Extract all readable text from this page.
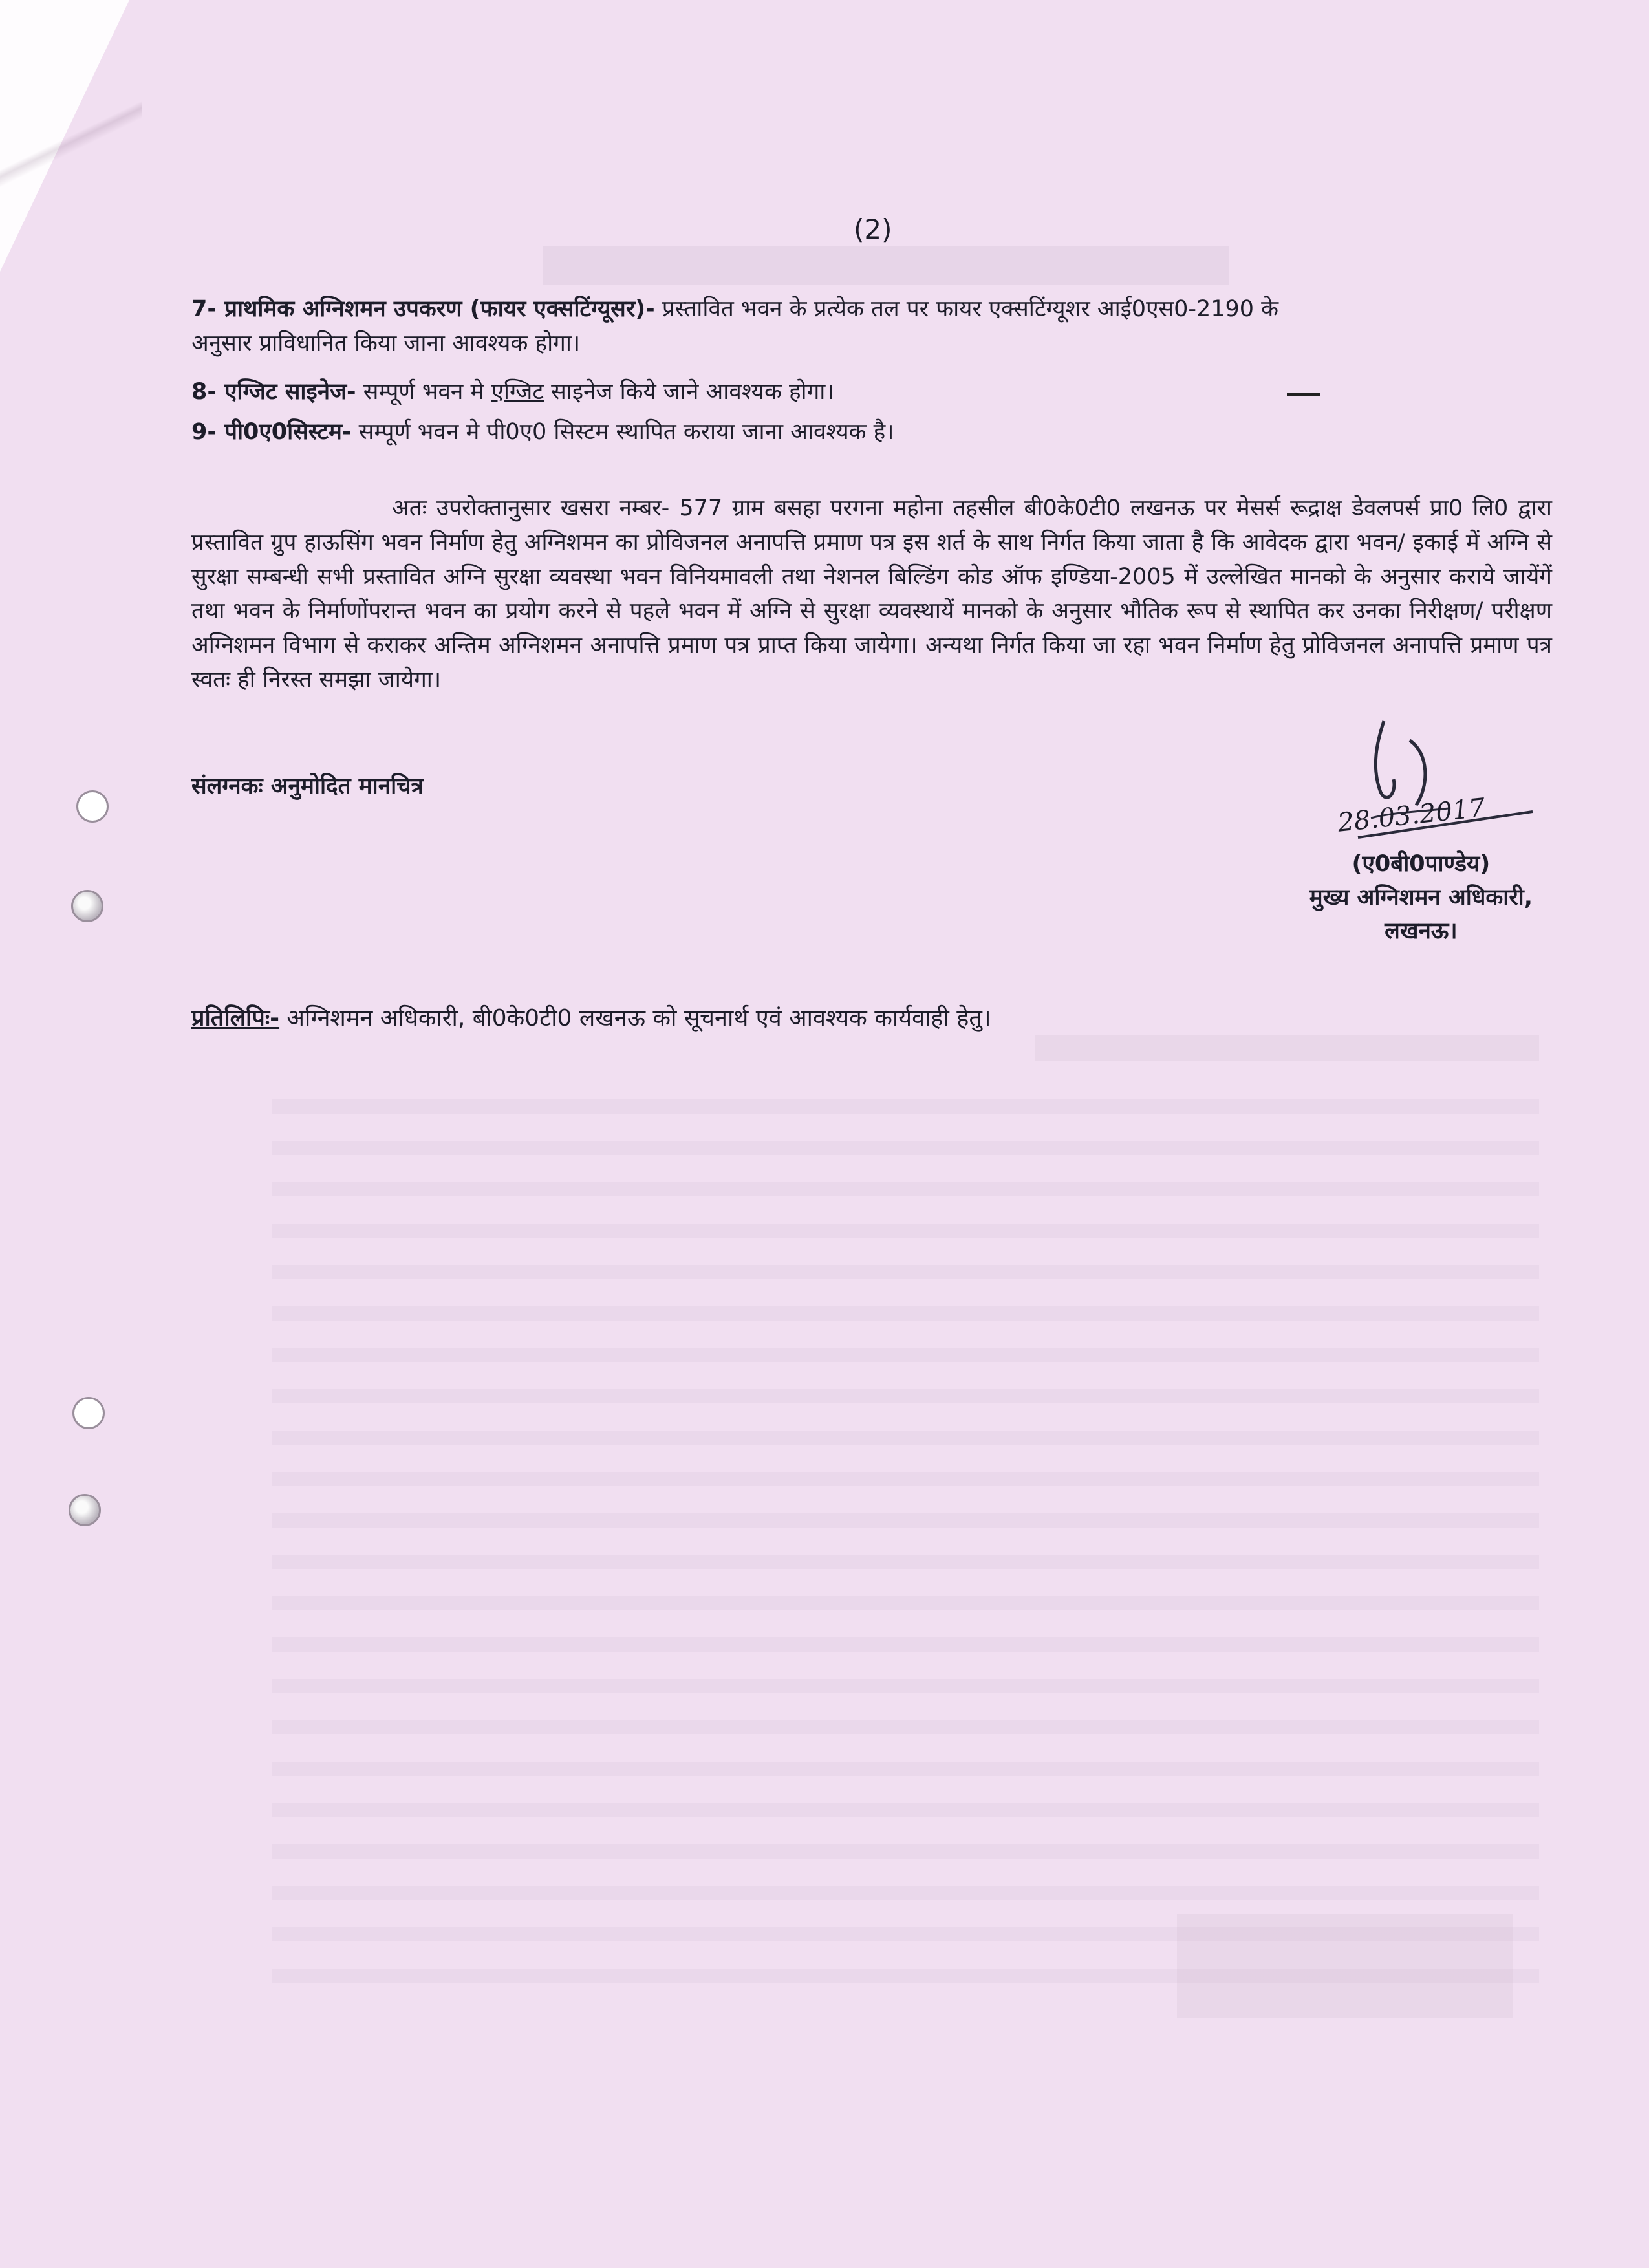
(2)
7- प्राथमिक अग्निशमन उपकरण (फायर एक्सटिंग्यूसर)- प्रस्तावित भवन के प्रत्येक तल पर फायर एक्सटिंग्यूशर आई0एस0-2190 के
अनुसार प्राविधानित किया जाना आवश्यक होगा।
8- एग्जिट साइनेज- सम्पूर्ण भवन मे एग्जिट साइनेज किये जाने आवश्यक होगा।
9- पी0ए0सिस्टम- सम्पूर्ण भवन मे पी0ए0 सिस्टम स्थापित कराया जाना आवश्यक है।
अतः उपरोक्तानुसार खसरा नम्बर- 577 ग्राम बसहा परगना महोना तहसील बी0के0टी0 लखनऊ पर मेसर्स रूद्राक्ष डेवलपर्स प्रा0 लि0 द्वारा प्रस्तावित ग्रुप हाऊसिंग भवन निर्माण हेतु अग्निशमन का प्रोविजनल अनापत्ति प्रमाण पत्र इस शर्त के साथ निर्गत किया जाता है कि आवेदक द्वारा भवन/ इकाई में अग्नि से सुरक्षा सम्बन्धी सभी प्रस्तावित अग्नि सुरक्षा व्यवस्था भवन विनियमावली तथा नेशनल बिल्डिंग कोड ऑफ इण्डिया-2005 में उल्लेखित मानको के अनुसार कराये जायेंगें तथा भवन के निर्माणोंपरान्त भवन का प्रयोग करने से पहले भवन में अग्नि से सुरक्षा व्यवस्थायें मानको के अनुसार भौतिक रूप से स्थापित कर उनका निरीक्षण/ परीक्षण अग्निशमन विभाग से कराकर अन्तिम अग्निशमन अनापत्ति प्रमाण पत्र प्राप्त किया जायेगा। अन्यथा निर्गत किया जा रहा भवन निर्माण हेतु प्रोविजनल अनापत्ति प्रमाण पत्र स्वतः ही निरस्त समझा जायेगा।
संलग्नकः अनुमोदित मानचित्र
28.03.2017
(ए0बी0पाण्डेय)
मुख्य अग्निशमन अधिकारी,
लखनऊ।
प्रतिलिपिः- अग्निशमन अधिकारी, बी0के0टी0 लखनऊ को सूचनार्थ एवं आवश्यक कार्यवाही हेतु।
